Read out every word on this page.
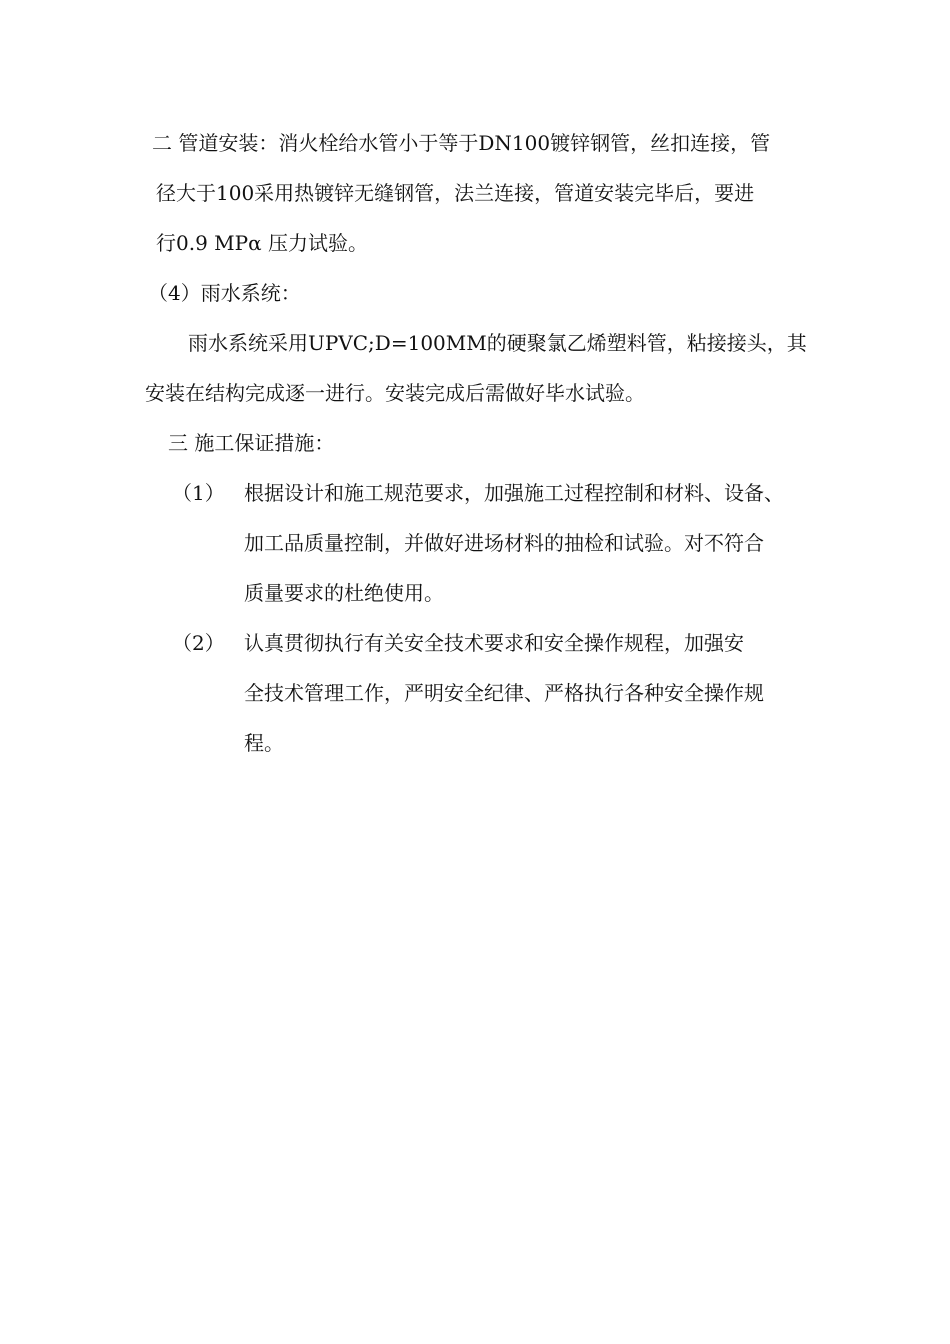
二 管道安装：消火栓给水管小于等于DN100镀锌钢管，丝扣连接，管
径大于100采用热镀锌无缝钢管，法兰连接，管道安装完毕后，要进
行0.9 MPα 压力试验。
（4）雨水系统：
雨水系统采用UPVC;D=100MM的硬聚氯乙烯塑料管，粘接接头，其
安装在结构完成逐一进行。安装完成后需做好毕水试验。
三 施工保证措施：
（1） 根据设计和施工规范要求，加强施工过程控制和材料、设备、
加工品质量控制，并做好进场材料的抽检和试验。对不符合
质量要求的杜绝使用。
（2） 认真贯彻执行有关安全技术要求和安全操作规程，加强安
全技术管理工作，严明安全纪律、严格执行各种安全操作规
程。
